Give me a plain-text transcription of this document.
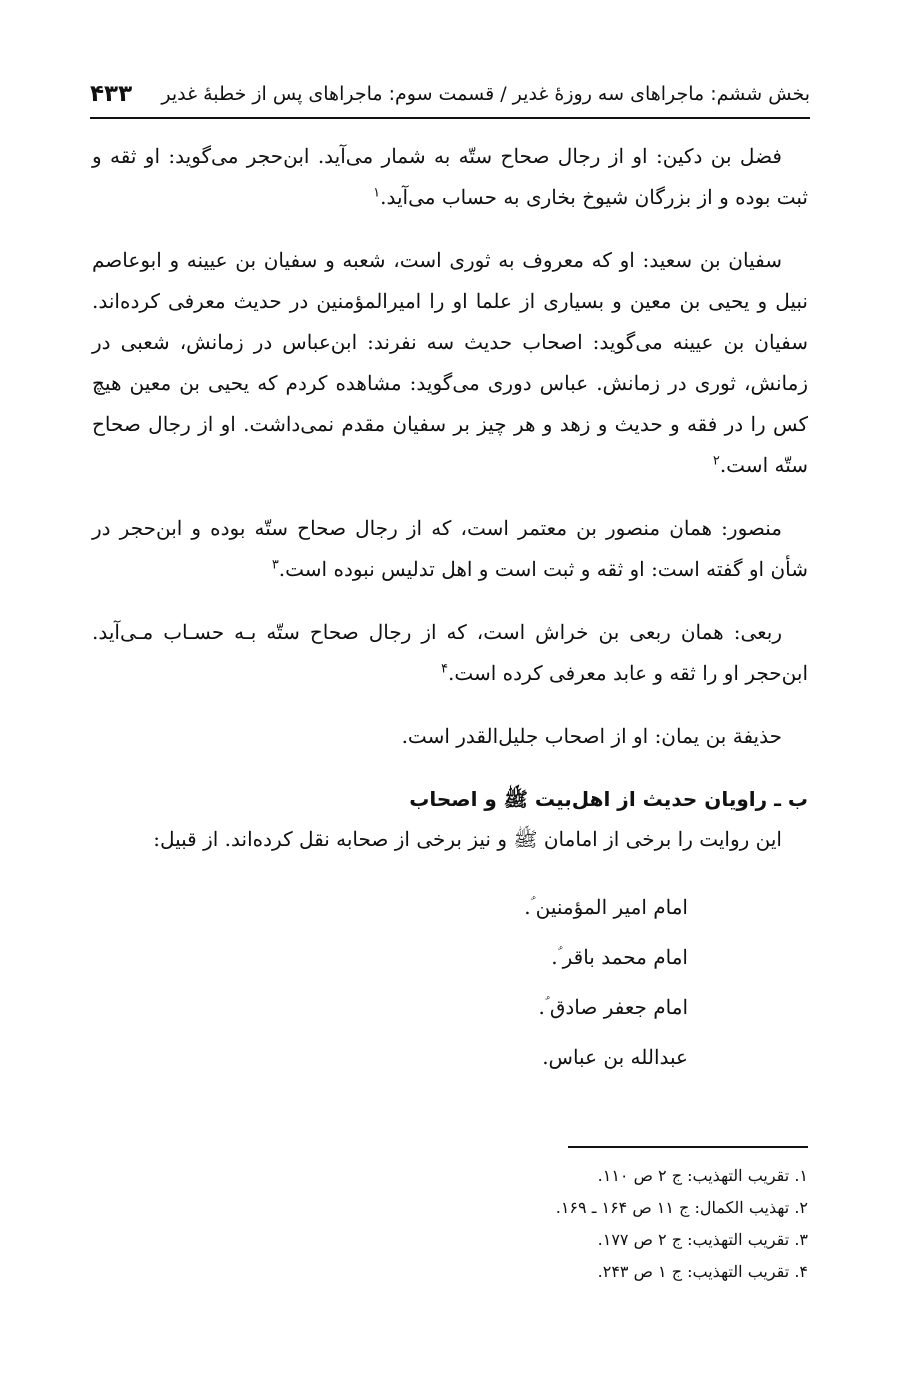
بخش ششم: ماجراهای سه روزهٔ غدیر / قسمت سوم: ماجراهای پس از خطبهٔ غدیر
۴۳۳

فضل بن دکین: او از رجال صحاح ستّه به شمار می‌آید. ابن‌حجر می‌گوید: او ثقه و ثبت بوده و از بزرگان شیوخ بخاری به حساب می‌آید.$^۱$

سفیان بن سعید: او که معروف به ثوری است، شعبه و سفیان بن عیینه و ابوعاصم نبیل و یحیی بن معین و بسیاری از علما او را امیرالمؤمنین در حدیث معرفی کرده‌اند. سفیان بن عیینه می‌گوید: اصحاب حدیث سه نفرند: ابن‌عباس در زمانش، شعبی در زمانش، ثوری در زمانش. عباس دوری می‌گوید: مشاهده کردم که یحیی بن معین هیچ کس را در فقه و حدیث و زهد و هر چیز بر سفیان مقدم نمی‌داشت. او از رجال صحاح ستّه است.$^۲$

منصور: همان منصور بن معتمر است، که از رجال صحاح ستّه بوده و ابن‌حجر در شأن او گفته است: او ثقه و ثبت است و اهل تدلیس نبوده است.$^۳$

ربعی: همان ربعی بن خراش است، که از رجال صحاح ستّه بـه حسـاب مـی‌آید. ابن‌حجر او را ثقه و عابد معرفی کرده است.$^۴$

حذیفة بن یمان: او از اصحاب جلیل‌القدر است.

ب ـ راویان حدیث از اهل‌بیت ﷺ و اصحاب
این روایت را برخی از امامان ﷺ و نیز برخی از صحابه نقل کرده‌اند. از قبیل:
امام امیر المؤمنین ؑ.
امام محمد باقر ؑ.
امام جعفر صادق ؑ.
عبدالله بن عباس.
۱. تقریب التهذیب: ج ۲ ص ۱۱۰.
۲. تهذیب الکمال: ج ۱۱ ص ۱۶۴ ـ ۱۶۹.
۳. تقریب التهذیب: ج ۲ ص ۱۷۷.
۴. تقریب التهذیب: ج ۱ ص ۲۴۳.
